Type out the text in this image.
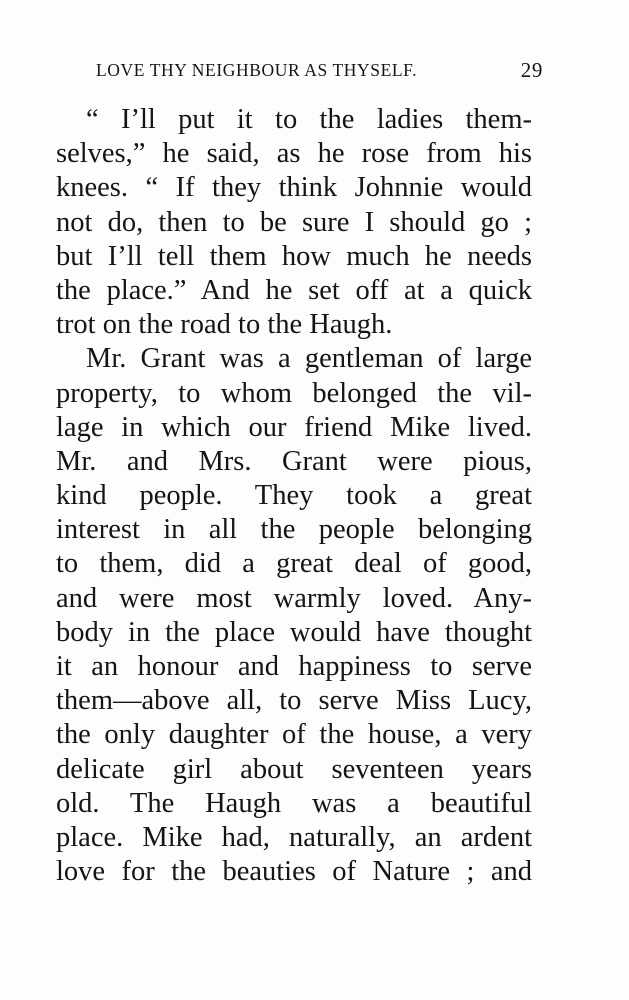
LOVE THY NEIGHBOUR AS THYSELF.	29
“ I’ll put it to the ladies them-
selves,” he said, as he rose from his
knees. “ If they think Johnnie would
not do, then to be sure I should go ;
but I’ll tell them how much he needs
the place.” And he set off at a quick
trot on the road to the Haugh.
Mr. Grant was a gentleman of large
property, to whom belonged the vil-
lage in which our friend Mike lived.
Mr. and Mrs. Grant were pious,
kind people. They took a great
interest in all the people belonging
to them, did a great deal of good,
and were most warmly loved. Any-
body in the place would have thought
it an honour and happiness to serve
them—above all, to serve Miss Lucy,
the only daughter of the house, a very
delicate girl about seventeen years
old. The Haugh was a beautiful
place. Mike had, naturally, an ardent
love for the beauties of Nature ; and
